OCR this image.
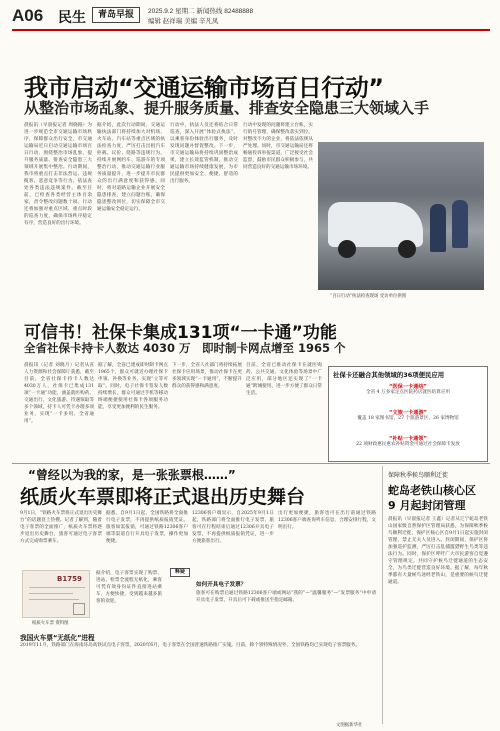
A06 民生	青岛早报	2025.9.2 星期二 新闻热线 82488888
编辑 赵祥瑞 美编 辛凡凤
我市启动“交通运输市场百日行动”
从整治市场乱象、提升服务质量、排查安全隐患三大领域入手
晨报讯（早晨报记者 周晓路）为进一步规范全市交通运输市场秩序，保障群众出行安全，市交通运输局近日启动交通运输市场百日行动，围绕整治市场乱象、提升服务质量、排查安全隐患三大领域开展集中整治。行动期间，我市将重点打击非法营运、违规揽客、恶意竞争等行为，依法查处各类违法违规案件。截至目前，已检查各类经营主体百余家，责令整改问题数十项。行动还将加强对重点区域、重点时段的巡查力度，确保市场秩序稳定有序，营造良好的出行环境。
据介绍，此次行动期间，交通运输执法部门将持续加大对机场、火车站、汽车站等重点区域的执法检查力度，严厉打击出租汽车拒载、议价、绕路等违规行为，持续开展网约车、巡游车的专项整治行动，推动交通运输行业服务质量提升，进一步提升市民群众的出行满意度和获得感。同时，将对道路运输企业开展安全隐患排查，建立问题台账，确保隐患整改到位，切实保障全市交通运输安全稳定运行。
行动中，执法人员还将结合日常巡查，深入开展“体验式执法”，以乘客身份体验出行服务，及时发现问题并督促整改。下一步，市交通运输局将持续巩固整治成果，建立长效监管机制，推动交通运输市场持续健康发展，为市民提供更加安全、便捷、舒适的出行服务。
行动中发现的问题将建立台账，实行销号管理，确保整改落实到位。对整改不力的企业，将依法依规从严处理。同时，市交通运输局还将畅通投诉举报渠道，广泛接受社会监督，鼓励市民群众积极参与，共同营造良好的交通运输市场环境。
“百日行动”执法检查现场 受访单位供图
可信书！社保卡集成131项“一卡通”功能
全省社保卡持卡人数达 4030 万　即时制卡网点增至 1965 个
晨报讯（记者 刘晓月）记者从省人力资源和社会保障厅获悉，截至目前，全省社保卡持卡人数达4030万人，社保卡已集成131项“一卡通”功能，涵盖就医购药、交通出行、文化旅游、待遇领取等多个领域，持卡人可凭卡办理多项业务，实现“一卡多用、全省通用”。
据了解，全省已建成即时制卡网点1965个，群众可就近办理社保卡申领、补换等业务，实现“立等可取”。同时，电子社保卡签发人数持续增长，群众可通过手机等移动终端便捷使用社保卡各项服务功能，享受更加便利的民生服务。
下一步，全省人社部门将持续拓展社保卡应用场景，推动社保卡在更多领域实现“一卡通用”，不断提升群众的获得感和满意度。
目前，全省已推动社保卡在就医购药、公共交通、文化体验等场景中广泛应用，部分地区还实现了“一卡通”跨城使用，进一步方便了群众日常生活。
社保卡还融合其他领域的36项便民应用
“医保一卡通结”
全省 4 万多家定点医院药店就医结算应用
“文旅一卡通游”
覆盖 18 家图书馆、27 个旅游景区、26 家博物馆
“补贴一卡通领”
22 项财政惠民惠农补贴资金可通过社会保障卡发放
“曾经以为我的家，是一张张票根……”
纸质火车票即将正式退出历史舞台
9月1日，“铁路火车票将正式退出历史舞台”的话题登上热搜。记者了解到，随着电子客票的全面推广，纸质火车票将逐步退出历史舞台，旅客可通过电子客票方式完成购票乘车。
据悉，自9月1日起，全国铁路将全面推行电子发票，不再提供纸质报销凭证。旅客如需报销，可通过铁路12306客户端等渠道自行开具电子发票，操作更加便捷。
12306客户端显示，自2025年9月1日起，铁路部门将全面推行电子发票，旅客可在行程结束后通过12306开具电子发票，不再提供纸质报销凭证，进一步方便旅客出行。
出行更加便捷，旅客也可在出行前通过铁路12306客户端查询列车信息，合理安排行程，文明出行。
B1759
纸质火车票 资料图
据介绍，电子客票实现了购票、进站、检票全流程无纸化，乘客可凭有效身份证件直接进站乘车，方便快捷，受到越来越多旅客的欢迎。
释疑
如何开具电子发票？
旅客可在购票后通过铁路12306客户端或网站“我的”—“温馨服务”—“发票服务”中申请开具电子发票，开具后可下载或推送至指定邮箱。
我国火车票“无纸化”进程
2019年11月，铁路部门在海南环岛高铁试点电子客票。2020年6月，电子客票在全国普速铁路推广实施。目前，除个别特殊情况外，全国铁路均已实现电子客票服务。
文图据新华社
保障秋季候鸟顺利迁徙
蛇岛老铁山核心区
9 月起封闭管理
晨报讯（早晨报记者 王鑫）记者从辽宁蛇岛老铁山国家级自然保护区管理局获悉，为保障秋季候鸟顺利迁徙，保护区核心区自9月1日起实施封闭管理，禁止无关人员进入。封闭期间，保护区将加强巡护监测，严厉打击乱捕滥猎野生鸟类等违法行为。同时，保护区呼吁广大市民游客自觉遵守管理规定，共同守护候鸟迁徙通道的生态安全，为鸟类迁徙营造良好环境。据了解，每年秋季都有大量候鸟途经老铁山，是重要的候鸟迁徙通道。
